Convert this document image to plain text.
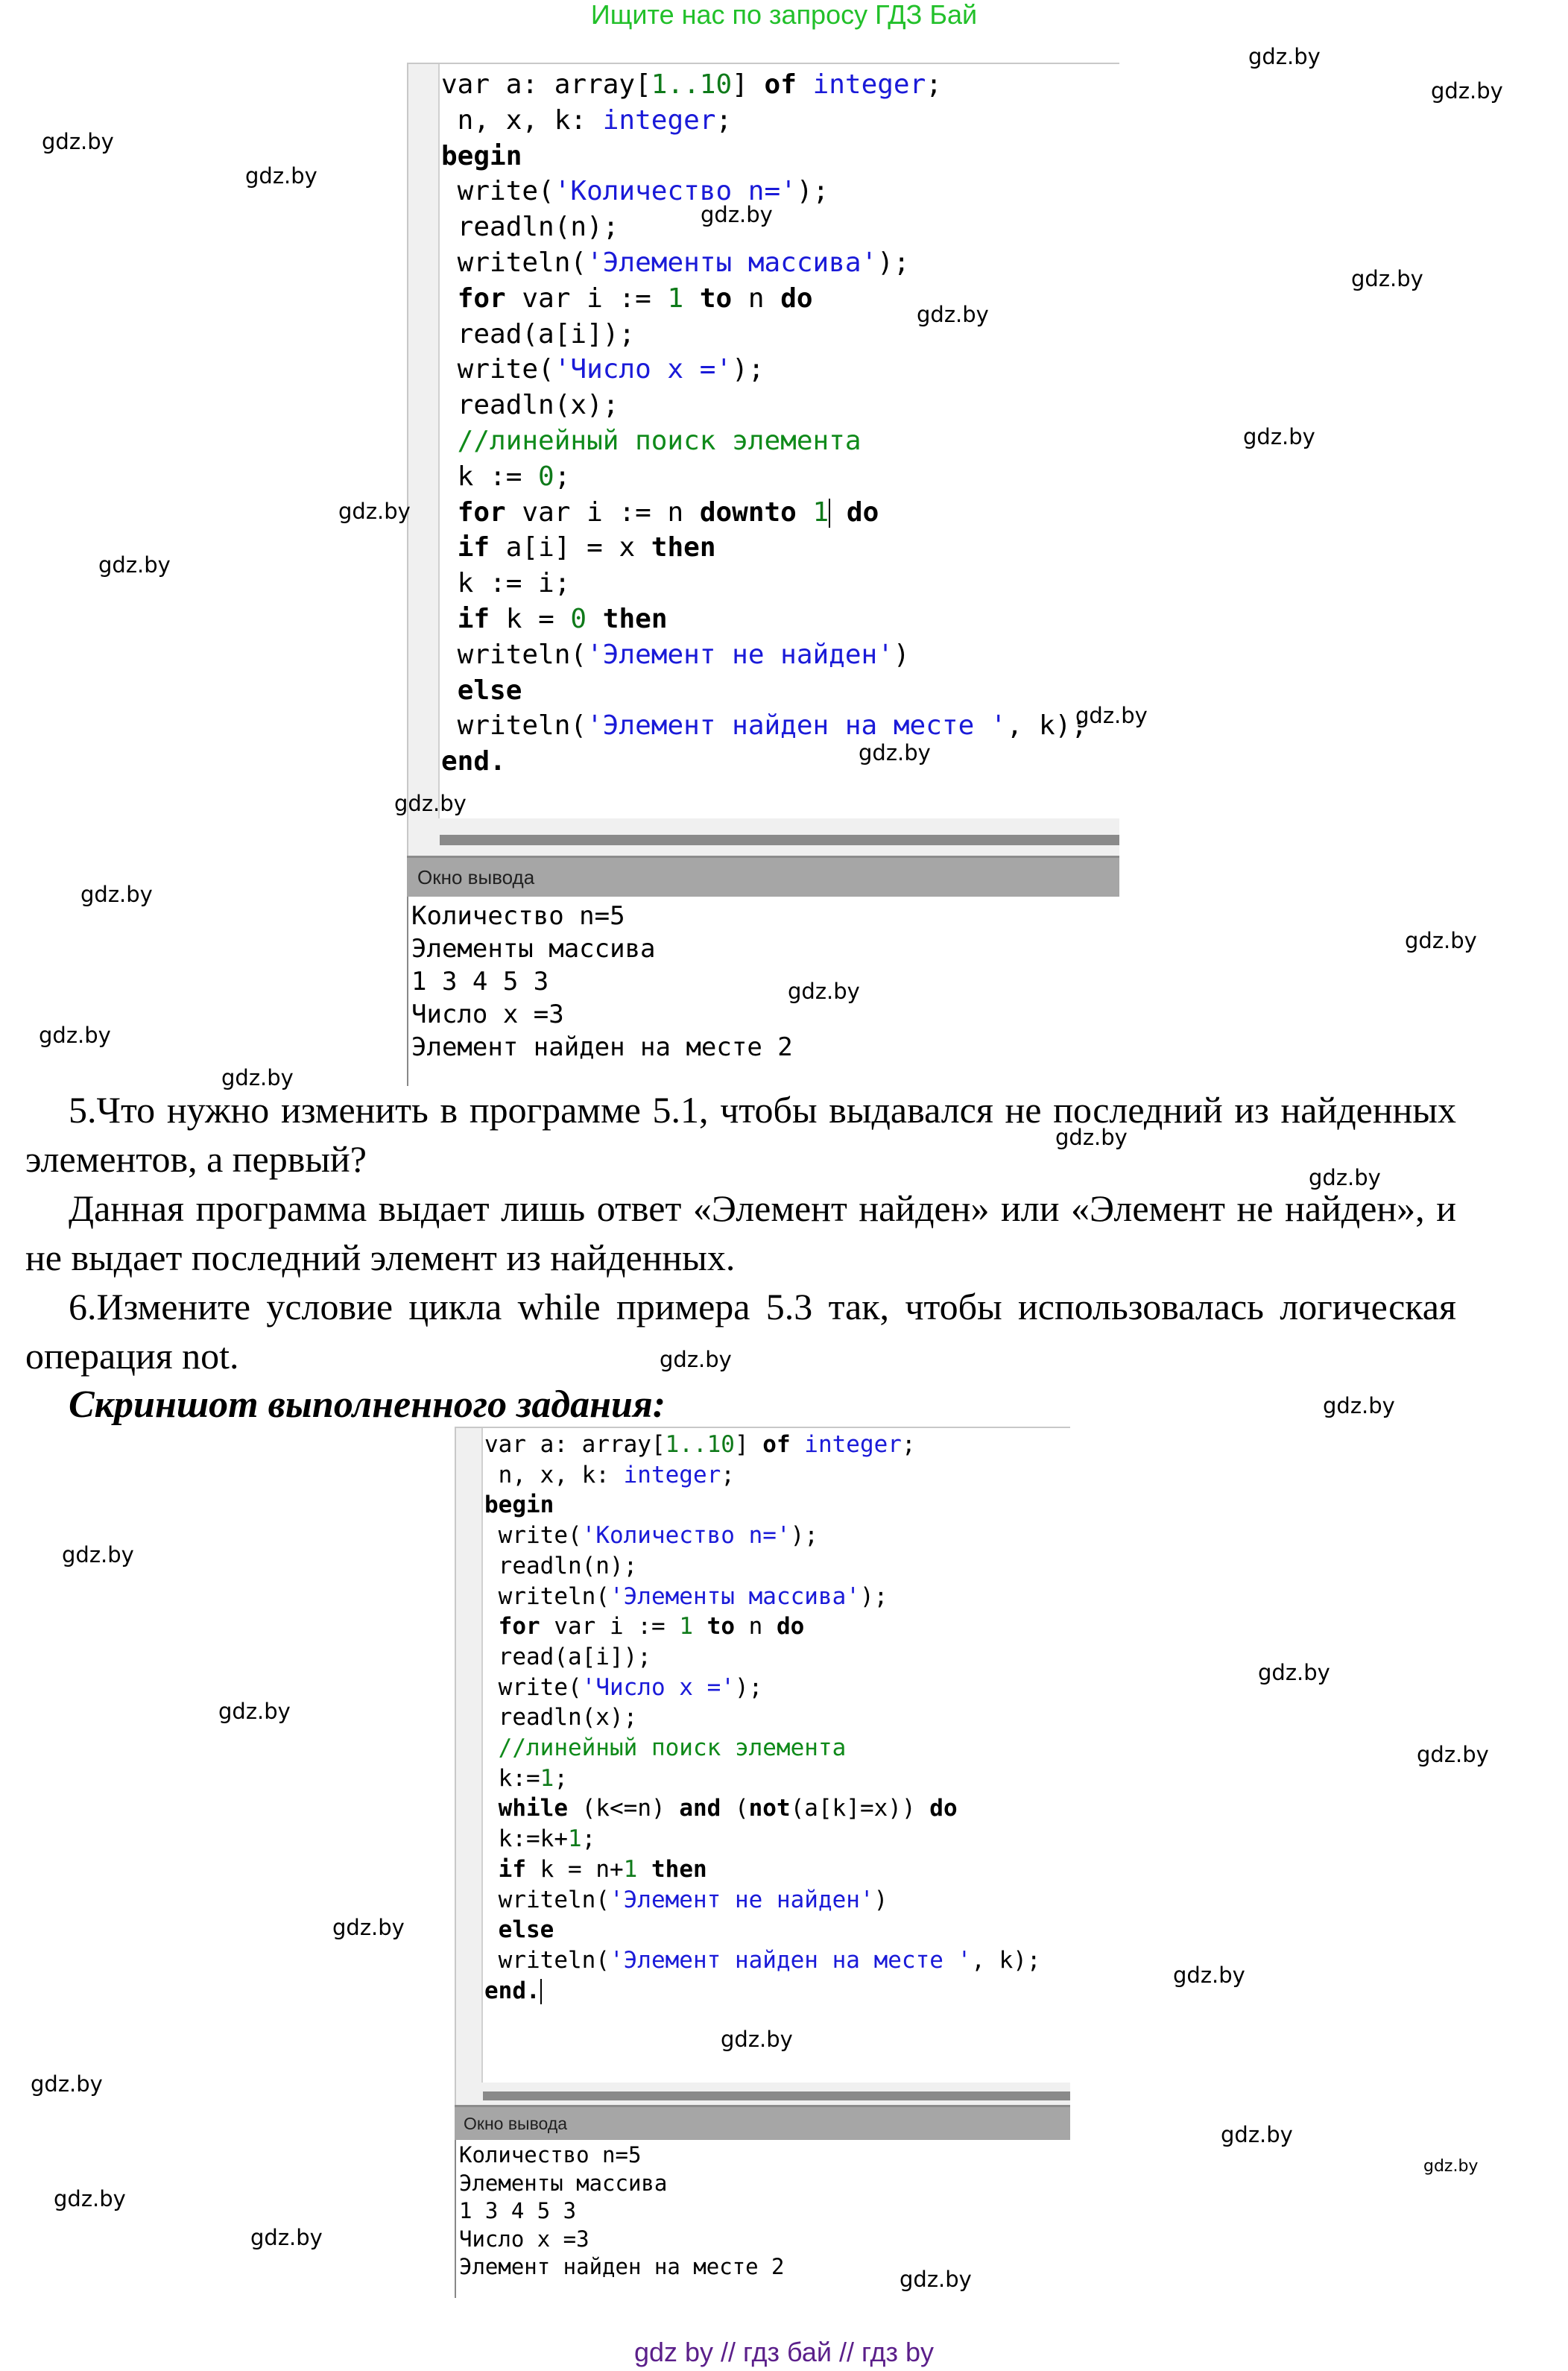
Ищите нас по запросу ГДЗ Бай
var a: array[1..10] of integer;
n, x, k: integer;
begin
write('Количество n=');
readln(n);
writeln('Элементы массива');
for var i := 1 to n do
read(a[i]);
write('Число x =');
readln(x);
//линейный поиск элемента
k := 0;
for var i := n downto 1 do
if a[i] = x then
k := i;
if k = 0 then
writeln('Элемент не найден')
else
writeln('Элемент найден на месте ', k);
end.
Окно вывода
Количество n=5
Элементы массива
1 3 4 5 3
Число x =3
Элемент найден на месте 2

5.Что нужно изменить в программе 5.1, чтобы выдавался не последний из найденных элементов, а первый?

Данная программа выдает лишь ответ «Элемент найден» или «Элемент не найден», и не выдает последний элемент из найденных.

6.Измените условие цикла while примера 5.3 так, чтобы использовалась логическая операция not.

Скриншот выполненного задания:
var a: array[1..10] of integer;
n, x, k: integer;
begin
write('Количество n=');
readln(n);
writeln('Элементы массива');
for var i := 1 to n do
read(a[i]);
write('Число x =');
readln(x);
//линейный поиск элемента
k:=1;
while (k<=n) and (not(a[k]=x)) do
k:=k+1;
if k = n+1 then
writeln('Элемент не найден')
else
writeln('Элемент найден на месте ', k);
end.
Окно вывода
Количество n=5
Элементы массива
1 3 4 5 3
Число x =3
Элемент найден на месте 2
gdz.by
gdz.by
gdz.by
gdz.by
gdz.by
gdz.by
gdz.by
gdz.by
gdz.by
gdz.by
gdz.by
gdz.by
gdz.by
gdz.by
gdz.by
gdz.by
gdz.by
gdz.by
gdz.by
gdz.by
gdz.by
gdz.by
gdz.by
gdz.by
gdz.by
gdz.by
gdz.by
gdz.by
gdz.by
gdz.by
gdz.by
gdz.by
gdz.by
gdz.by
gdz.by
gdz by // гдз бай // гдз by
